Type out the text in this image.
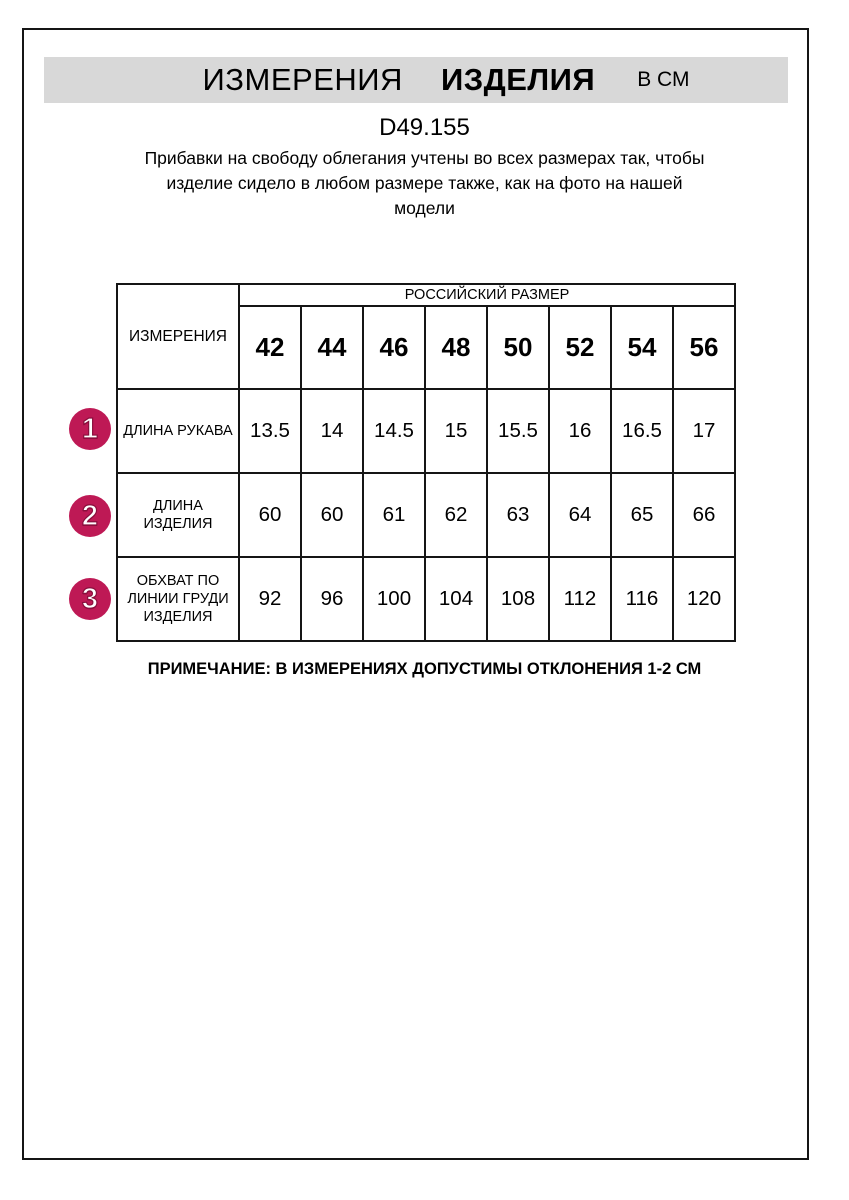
ИЗМЕРЕНИЯ ИЗДЕЛИЯ В СМ
D49.155
Прибавки на свободу облегания учтены во всех размерах так, чтобы
изделие сидело в любом размере также, как на фото на нашей
модели
ИЗМЕРЕНИЯ	РОССИЙСКИЙ РАЗМЕР							
	42	44	46	48	50	52	54	56

ДЛИНА РУКАВА	13.5	14	14.5	15	15.5	16	16.5	17

ДЛИНА
ИЗДЕЛИЯ	60	60	61	62	63	64	65	66

ОБХВАТ ПО
ЛИНИИ ГРУДИ
ИЗДЕЛИЯ	92	96	100	104	108	112	116	120
1
2
3
ПРИМЕЧАНИЕ: В ИЗМЕРЕНИЯХ ДОПУСТИМЫ ОТКЛОНЕНИЯ 1-2 СМ
